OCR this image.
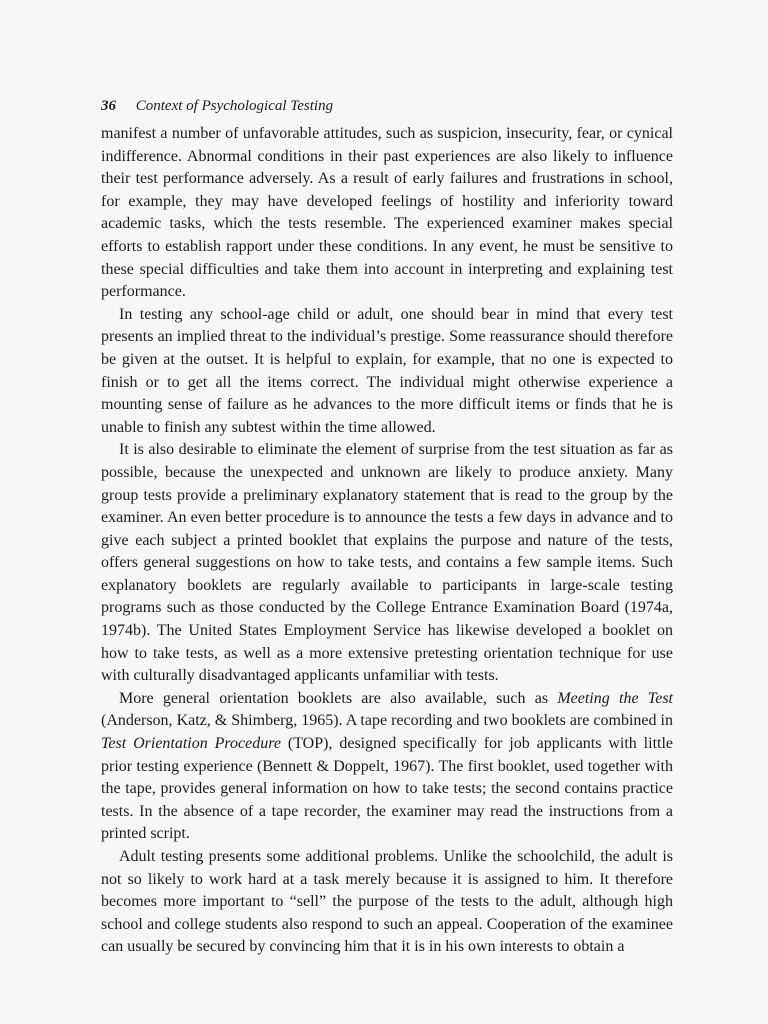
36 Context of Psychological Testing

manifest a number of unfavorable attitudes, such as suspicion, insecurity, fear, or cynical indifference. Abnormal conditions in their past experiences are also likely to influence their test performance adversely. As a result of early failures and frustrations in school, for example, they may have developed feelings of hostility and inferiority toward academic tasks, which the tests resemble. The experienced examiner makes special efforts to establish rapport under these conditions. In any event, he must be sensitive to these special difficulties and take them into account in interpreting and explaining test performance.

In testing any school-age child or adult, one should bear in mind that every test presents an implied threat to the individual’s prestige. Some reassurance should therefore be given at the outset. It is helpful to explain, for example, that no one is expected to finish or to get all the items correct. The individual might otherwise experience a mounting sense of failure as he advances to the more difficult items or finds that he is unable to finish any subtest within the time allowed.

It is also desirable to eliminate the element of surprise from the test situation as far as possible, because the unexpected and unknown are likely to produce anxiety. Many group tests provide a preliminary explanatory statement that is read to the group by the examiner. An even better procedure is to announce the tests a few days in advance and to give each subject a printed booklet that explains the purpose and nature of the tests, offers general suggestions on how to take tests, and contains a few sample items. Such explanatory booklets are regularly available to participants in large-scale testing programs such as those conducted by the College Entrance Examination Board (1974a, 1974b). The United States Employment Service has likewise developed a booklet on how to take tests, as well as a more extensive pretesting orientation technique for use with culturally disadvantaged applicants unfamiliar with tests.

More general orientation booklets are also available, such as Meeting the Test (Anderson, Katz, & Shimberg, 1965). A tape recording and two booklets are combined in Test Orientation Procedure (TOP), designed specifically for job applicants with little prior testing experience (Bennett & Doppelt, 1967). The first booklet, used together with the tape, provides general information on how to take tests; the second contains practice tests. In the absence of a tape recorder, the examiner may read the instructions from a printed script.

Adult testing presents some additional problems. Unlike the schoolchild, the adult is not so likely to work hard at a task merely because it is assigned to him. It therefore becomes more important to “sell” the purpose of the tests to the adult, although high school and college students also respond to such an appeal. Cooperation of the examinee can usually be secured by convincing him that it is in his own interests to obtain a
